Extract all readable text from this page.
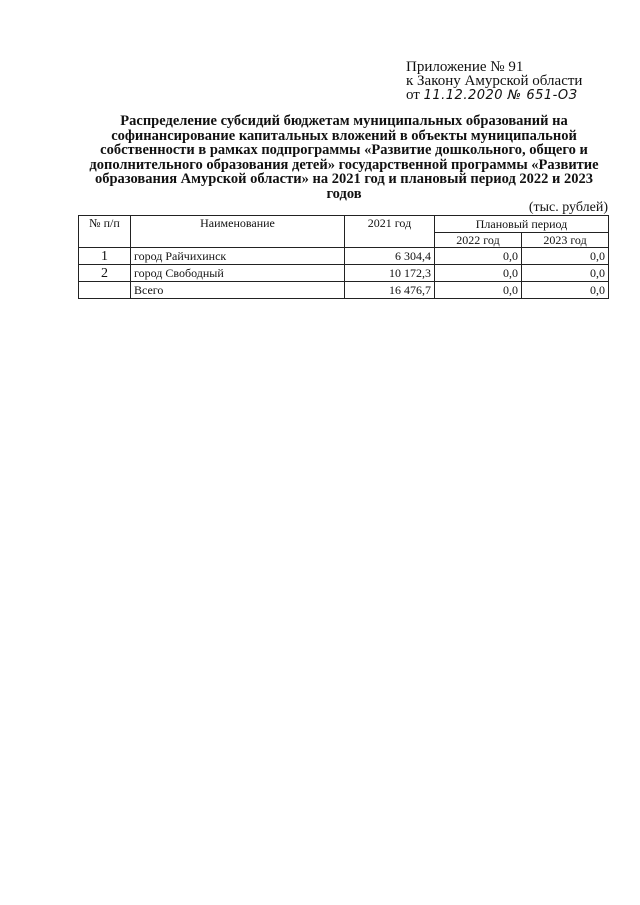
Приложение № 91
к Закону Амурской области
от 11.12.2020 № 651-ОЗ
Распределение субсидий бюджетам муниципальных образований на софинансирование капитальных вложений в объекты муниципальной собственности в рамках подпрограммы «Развитие дошкольного, общего и дополнительного образования детей» государственной программы «Развитие образования Амурской области» на 2021 год и плановый период 2022 и 2023 годов
(тыс. рублей)
№ п/п	Наименование	2021 год	Плановый период	
			2022 год	2023 год
1	город Райчихинск	6 304,4	0,0	0,0
2	город Свободный	10 172,3	0,0	0,0
	Всего	16 476,7	0,0	0,0
